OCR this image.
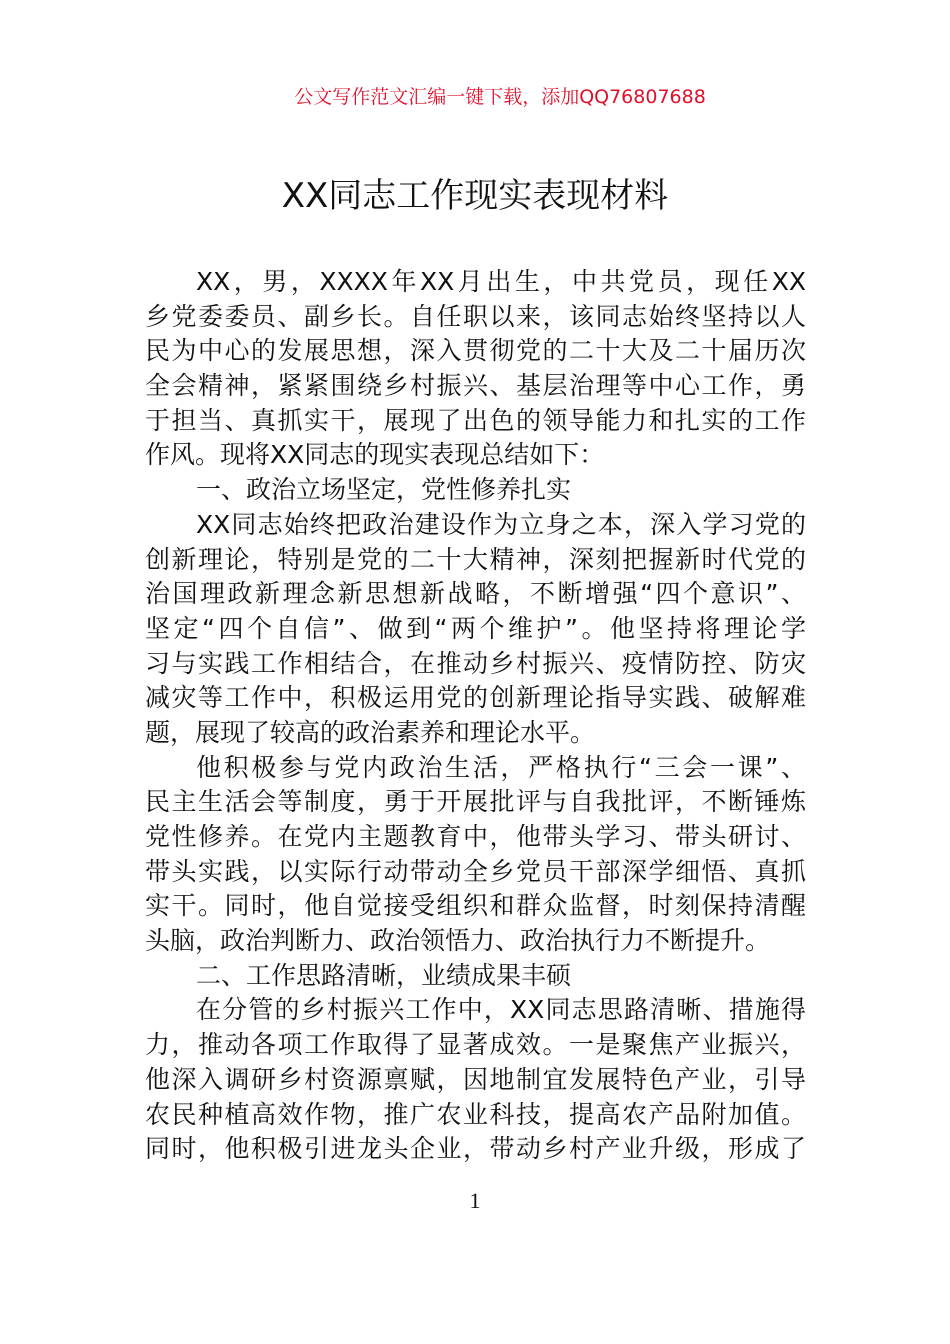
公文写作范文汇编一键下载，添加QQ76807688
XX同志工作现实表现材料
XX，男，XXXX年XX月出生，中共党员，现任XX
乡党委委员、副乡长。自任职以来，该同志始终坚持以人
民为中心的发展思想，深入贯彻党的二十大及二十届历次
全会精神，紧紧围绕乡村振兴、基层治理等中心工作，勇
于担当、真抓实干，展现了出色的领导能力和扎实的工作
作风。现将XX同志的现实表现总结如下：
一、政治立场坚定，党性修养扎实
XX同志始终把政治建设作为立身之本，深入学习党的
创新理论，特别是党的二十大精神，深刻把握新时代党的
治国理政新理念新思想新战略，不断增强“四个意识”、
坚定“四个自信”、做到“两个维护”。他坚持将理论学
习与实践工作相结合，在推动乡村振兴、疫情防控、防灾
减灾等工作中，积极运用党的创新理论指导实践、破解难
题，展现了较高的政治素养和理论水平。
他积极参与党内政治生活，严格执行“三会一课”、
民主生活会等制度，勇于开展批评与自我批评，不断锤炼
党性修养。在党内主题教育中，他带头学习、带头研讨、
带头实践，以实际行动带动全乡党员干部深学细悟、真抓
实干。同时，他自觉接受组织和群众监督，时刻保持清醒
头脑，政治判断力、政治领悟力、政治执行力不断提升。
二、工作思路清晰，业绩成果丰硕
在分管的乡村振兴工作中，XX同志思路清晰、措施得
力，推动各项工作取得了显著成效。一是聚焦产业振兴，
他深入调研乡村资源禀赋，因地制宜发展特色产业，引导
农民种植高效作物，推广农业科技，提高农产品附加值。
同时，他积极引进龙头企业，带动乡村产业升级，形成了
1
